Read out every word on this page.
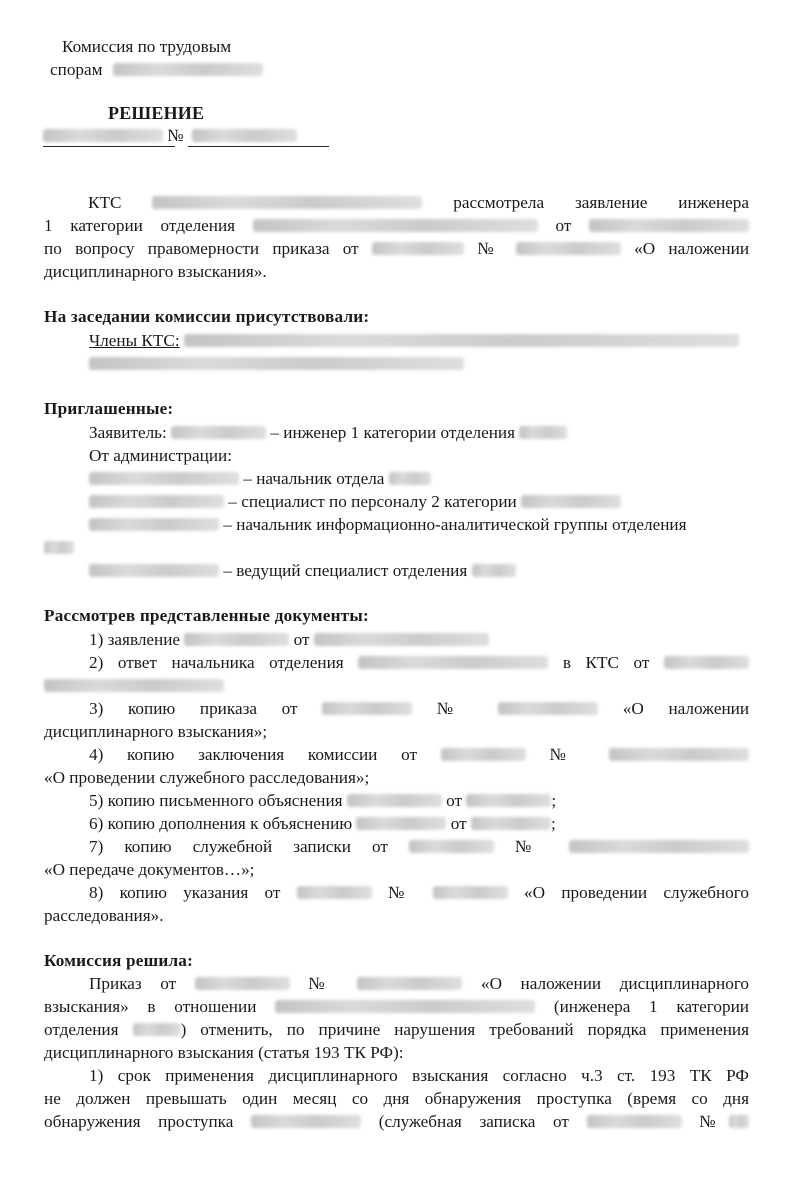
Комиссия по трудовым
спорам
РЕШЕНИЕ
№
КТС	рассмотрела заявление инженера
1 категории отделения	от
по вопросу правомерности приказа от	№	«О наложении
дисциплинарного взыскания».
На заседании комиссии присутствовали:
Члены КТС:
Приглашенные:
Заявитель:	– инженер 1 категории отделения
От администрации:
– начальник отдела
– специалист по персоналу 2 категории
– начальник информационно-аналитической группы отделения
– ведущий специалист отделения
Рассмотрев представленные документы:
1) заявление	от
2) ответ начальника отделения	в КТС от
3) копию приказа от	№	«О наложении
дисциплинарного взыскания»;
4) копию заключения комиссии от	№
«О проведении служебного расследования»;
5) копию письменного объяснения	от	;
6) копию дополнения к объяснению	от	;
7) копию служебной записки от	№
«О передаче документов…»;
8) копию указания от	№	«О проведении служебного
расследования».
Комиссия решила:
Приказ от	№	«О наложении дисциплинарного
взыскания» в отношении	(инженера 1 категории
отделения	) отменить, по причине нарушения требований порядка применения
дисциплинарного взыскания (статья 193 ТК РФ):
1) срок применения дисциплинарного взыскания согласно ч.3 ст. 193 ТК РФ
не должен превышать один месяц со дня обнаружения проступка (время со дня
обнаружения проступка	(служебная записка от	№
